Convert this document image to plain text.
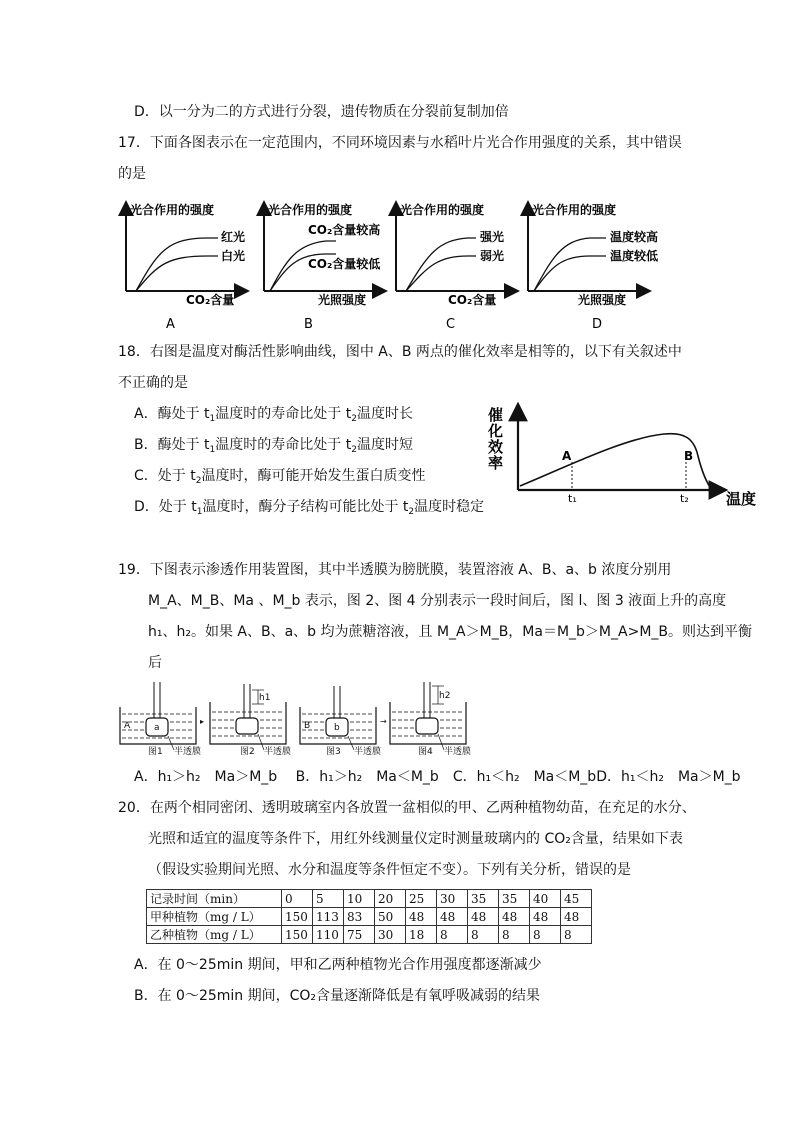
D．以一分为二的方式进行分裂，遗传物质在分裂前复制加倍
17．下面各图表示在一定范围内，不同环境因素与水稻叶片光合作用强度的关系，其中错误
的是
光合作用的强度
红光
白光
CO₂含量
A
光合作用的强度
CO₂含量较高
CO₂含量较低
光照强度
B
光合作用的强度
强光
弱光
CO₂含量
C
光合作用的强度
温度较高
温度较低
光照强度
D
18．右图是温度对酶活性影响曲线，图中 A、B 两点的催化效率是相等的，以下有关叙述中
不正确的是
A．酶处于 $t_1$温度时的寿命比处于 $t_2$温度时长
B．酶处于 $t_1$温度时的寿命比处于 $t_2$温度时短
C．处于 $t_2$温度时，酶可能开始发生蛋白质变性
D．处于 $t_1$温度时，酶分子结构可能比处于 $t_2$温度时稳定
催
化
效
率	A	B
t₁	t₂ 温度
19．下图表示渗透作用装置图，其中半透膜为膀胱膜，装置溶液 A、B、a、b 浓度分别用
M_A、M_B、Ma 、M_b 表示，图 2、图 4 分别表示一段时间后，图 l、图 3 液面上升的高度
h₁、h₂。如果 A、B、a、b 均为蔗糖溶液，且 M_A＞M_B，Ma＝M_b＞M_A>M_B。则达到平衡
后
a
A
图1 半透膜
▸
h1
图2 半透膜
b
B
图3 半透膜
→
h2
图4 半透膜
A．h₁＞h₂　Ma＞M_b　 B．h₁＞h₂　Ma＜M_b　C．h₁＜h₂　Ma＜M_bD．h₁＜h₂　Ma＞M_b
20．在两个相同密闭、透明玻璃室内各放置一盆相似的甲、乙两种植物幼苗，在充足的水分、
光照和适宜的温度等条件下，用红外线测量仪定时测量玻璃内的 CO₂含量，结果如下表
（假设实验期间光照、水分和温度等条件恒定不变）。下列有关分析，错误的是
记录时间（min）	0	5	10	20	25	30	35	35	40	45
甲种植物（mg / L）	150	113	83	50	48	48	48	48	48	48
乙种植物（mg / L）	150	110	75	30	18	8	8	8	8	8
A．在 0～25min 期间，甲和乙两种植物光合作用强度都逐渐减少
B．在 0～25min 期间，CO₂含量逐渐降低是有氧呼吸减弱的结果
